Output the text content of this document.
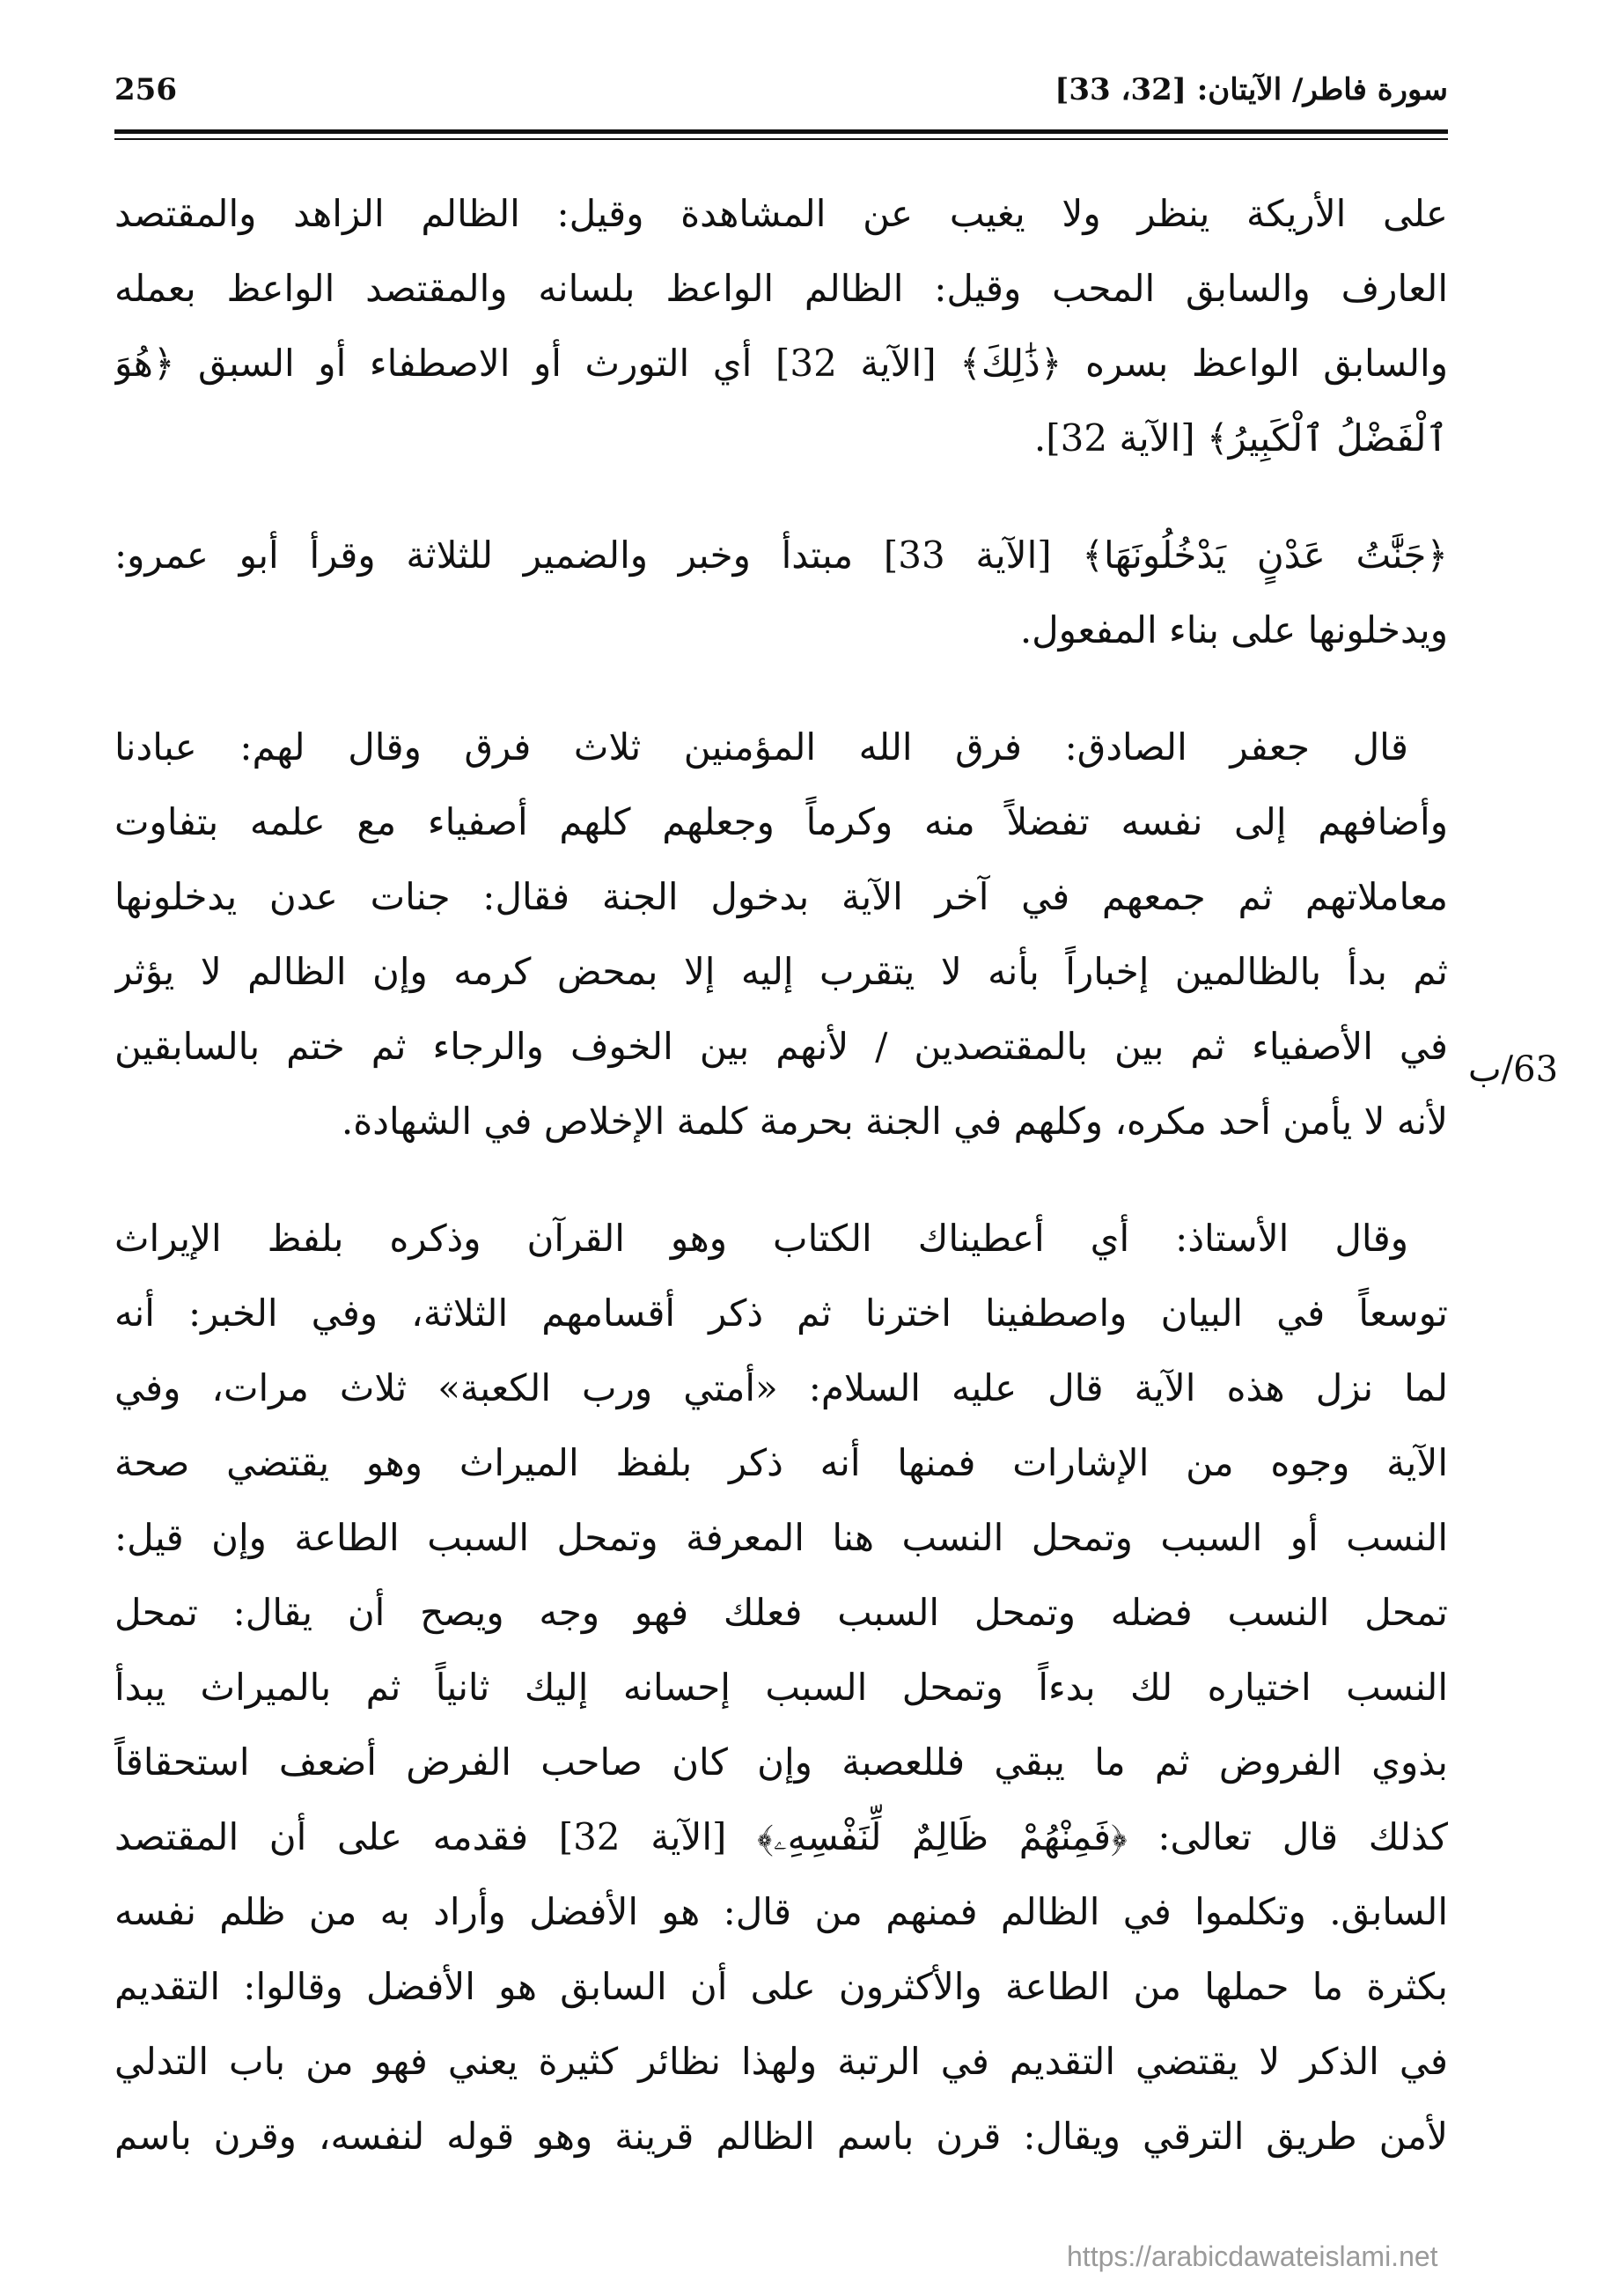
سورة فاطر/ الآيتان: [32، 33]
256
على الأريكة ينظر ولا يغيب عن المشاهدة وقيل: الظالم الزاهد والمقتصد
العارف والسابق المحب وقيل: الظالم الواعظ بلسانه والمقتصد الواعظ بعمله
والسابق الواعظ بسره ﴿ذَٰلِكَ﴾ [الآية 32] أي التورث أو الاصطفاء أو السبق ﴿هُوَ
ٱلْفَضْلُ ٱلْكَبِيرُ﴾ [الآية 32].
﴿جَنَّٰتُ عَدْنٍ يَدْخُلُونَهَا﴾ [الآية 33] مبتدأ وخبر والضمير للثلاثة وقرأ أبو عمرو:
ويدخلونها على بناء المفعول.
قال جعفر الصادق: فرق الله المؤمنين ثلاث فرق وقال لهم: عبادنا
وأضافهم إلى نفسه تفضلاً منه وكرماً وجعلهم كلهم أصفياء مع علمه بتفاوت
معاملاتهم ثم جمعهم في آخر الآية بدخول الجنة فقال: جنات عدن يدخلونها
ثم بدأ بالظالمين إخباراً بأنه لا يتقرب إليه إلا بمحض كرمه وإن الظالم لا يؤثر
في الأصفياء ثم بين بالمقتصدين / لأنهم بين الخوف والرجاء ثم ختم بالسابقين
لأنه لا يأمن أحد مكره، وكلهم في الجنة بحرمة كلمة الإخلاص في الشهادة.
وقال الأستاذ: أي أعطيناك الكتاب وهو القرآن وذكره بلفظ الإيراث
توسعاً في البيان واصطفينا اخترنا ثم ذكر أقسامهم الثلاثة، وفي الخبر: أنه
لما نزل هذه الآية قال عليه السلام: «أمتي ورب الكعبة» ثلاث مرات، وفي
الآية وجوه من الإشارات فمنها أنه ذكر بلفظ الميراث وهو يقتضي صحة
النسب أو السبب وتمحل النسب هنا المعرفة وتمحل السبب الطاعة وإن قيل:
تمحل النسب فضله وتمحل السبب فعلك فهو وجه ويصح أن يقال: تمحل
النسب اختياره لك بدءاً وتمحل السبب إحسانه إليك ثانياً ثم بالميراث يبدأ
بذوي الفروض ثم ما يبقي فللعصبة وإن كان صاحب الفرض أضعف استحقاقاً
كذلك قال تعالى: ﴿فَمِنْهُمْ ظَالِمٌ لِّنَفْسِهِۦ﴾ [الآية 32] فقدمه على أن المقتصد
السابق. وتكلموا في الظالم فمنهم من قال: هو الأفضل وأراد به من ظلم نفسه
بكثرة ما حملها من الطاعة والأكثرون على أن السابق هو الأفضل وقالوا: التقديم
في الذكر لا يقتضي التقديم في الرتبة ولهذا نظائر كثيرة يعني فهو من باب التدلي
لأمن طريق الترقي ويقال: قرن باسم الظالم قرينة وهو قوله لنفسه، وقرن باسم
63/ب
https://arabicdawateislami.net
